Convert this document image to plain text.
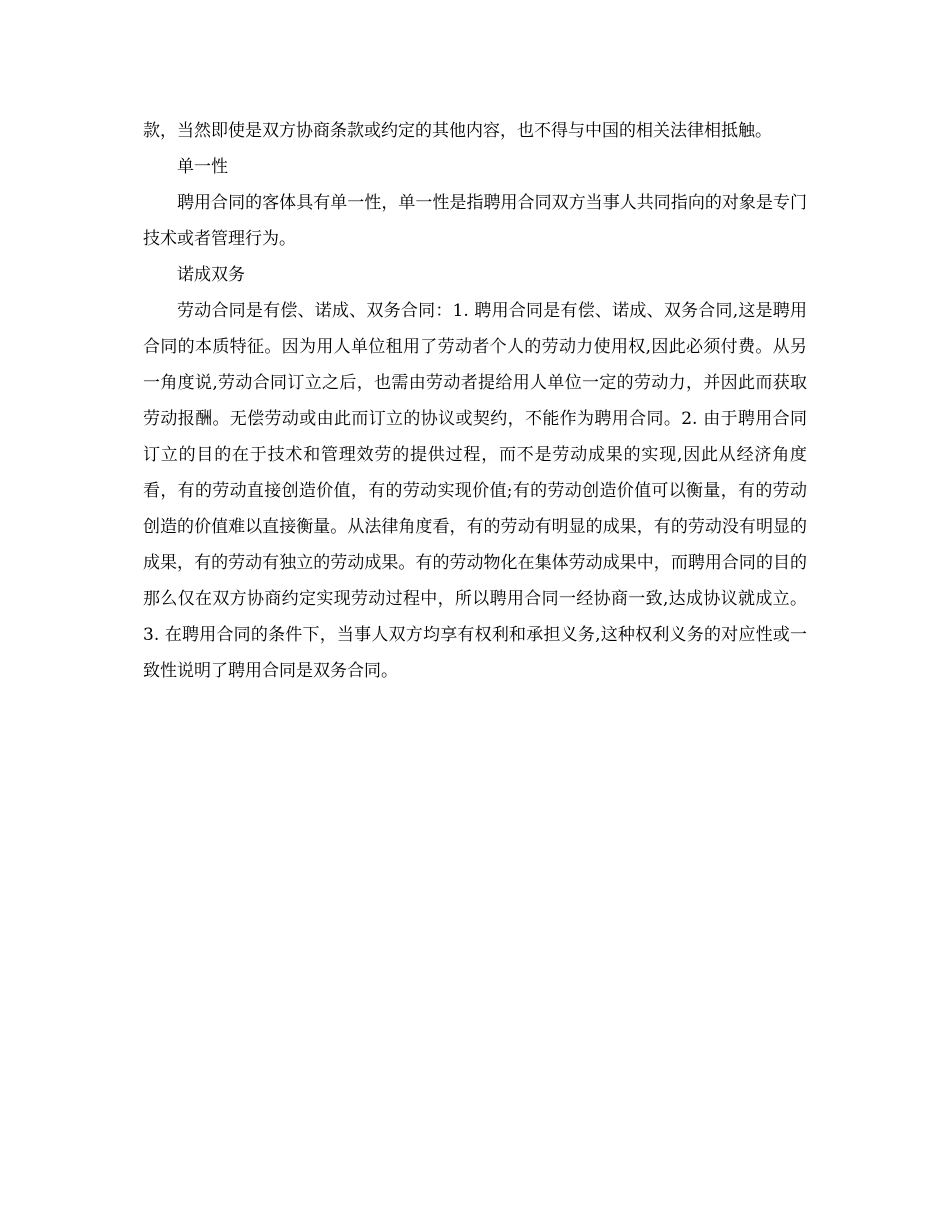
款，当然即使是双方协商条款或约定的其他内容，也不得与中国的相关法律相抵触。

单一性

聘用合同的客体具有单一性，单一性是指聘用合同双方当事人共同指向的对象是专门技术或者管理行为。

诺成双务

劳动合同是有偿、诺成、双务合同：1. 聘用合同是有偿、诺成、双务合同,这是聘用合同的本质特征。因为用人单位租用了劳动者个人的劳动力使用权,因此必须付费。从另一角度说,劳动合同订立之后，也需由劳动者提给用人单位一定的劳动力，并因此而获取劳动报酬。无偿劳动或由此而订立的协议或契约，不能作为聘用合同。2. 由于聘用合同订立的目的在于技术和管理效劳的提供过程，而不是劳动成果的实现,因此从经济角度看，有的劳动直接创造价值，有的劳动实现价值;有的劳动创造价值可以衡量，有的劳动创造的价值难以直接衡量。从法律角度看，有的劳动有明显的成果，有的劳动没有明显的成果，有的劳动有独立的劳动成果。有的劳动物化在集体劳动成果中，而聘用合同的目的那么仅在双方协商约定实现劳动过程中，所以聘用合同一经协商一致,达成协议就成立。3. 在聘用合同的条件下，当事人双方均享有权利和承担义务,这种权利义务的对应性或一致性说明了聘用合同是双务合同。
